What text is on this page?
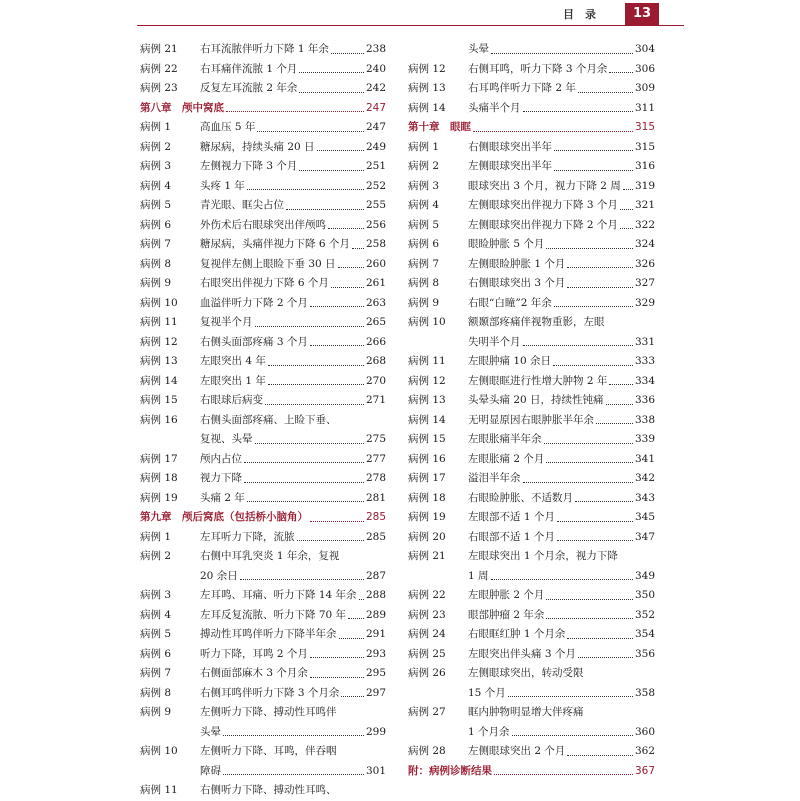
目录	13
病例 21	右耳流脓伴听力下降 1 年余	238
病例 22	右耳痛伴流脓 1 个月	240
病例 23	反复左耳流脓 2 年余	242
第八章　颅中窝底	247
病例 1	高血压 5 年	247
病例 2	糖尿病，持续头痛 20 日	249
病例 3	左侧视力下降 3 个月	251
病例 4	头疼 1 年	252
病例 5	青光眼、眶尖占位	255
病例 6	外伤术后右眼球突出伴颅鸣	256
病例 7	糖尿病，头痛伴视力下降 6 个月 258
病例 8	复视伴左侧上眼睑下垂 30 日	260
病例 9	右眼突出伴视力下降 6 个月	261
病例 10	血溢伴听力下降 2 个月	263
病例 11	复视半个月	265
病例 12	右侧头面部疼痛 3 个月	266
病例 13	左眼突出 4 年	268
病例 14	左眼突出 1 年	270
病例 15	右眼球后病变	271
病例 16	右侧头面部疼痛、上睑下垂、
复视、头晕	275
病例 17	颅内占位	277
病例 18	视力下降	278
病例 19	头痛 2 年	281
第九章　颅后窝底（包括桥小脑角）	285
病例 1	左耳听力下降，流脓	285
病例 2	右侧中耳乳突炎 1 年余，复视
20 余日	287
病例 3	左耳鸣、耳痛、听力下降 14 年余 288
病例 4	左耳反复流脓、听力下降 70 年 289
病例 5	搏动性耳鸣伴听力下降半年余	291
病例 6	听力下降，耳鸣 2 个月	293
病例 7	右侧面部麻木 3 个月余	295
病例 8	右侧耳鸣伴听力下降 3 个月余	297
病例 9	左侧听力下降、搏动性耳鸣伴
头晕	299
病例 10	左侧听力下降、耳鸣，伴吞咽
障碍	301
病例 11	右侧听力下降、搏动性耳鸣、
头晕	304
病例 12	右侧耳鸣，听力下降 3 个月余	306
病例 13	右耳鸣伴听力下降 2 年	309
病例 14	头痛半个月	311
第十章　眼眶	315
病例 1	右侧眼球突出半年	315
病例 2	左侧眼球突出半年	316
病例 3	眼球突出 3 个月，视力下降 2 周 319
病例 4	左侧眼球突出伴视力下降 3 个月 321
病例 5	左侧眼球突出伴视力下降 2 个月 322
病例 6	眼睑肿胀 5 个月	324
病例 7	左侧眼睑肿胀 1 个月	326
病例 8	右侧眼球突出 3 个月	327
病例 9	右眼“白瞳”2 年余	329
病例 10	额颞部疼痛伴视物重影，左眼
失明半个月	331
病例 11	左眼肿痛 10 余日	333
病例 12	左侧眼眶进行性增大肿物 2 年	334
病例 13	头晕头痛 20 日，持续性钝痛	336
病例 14	无明显原因右眼肿胀半年余	338
病例 15	左眼胀痛半年余	339
病例 16	左眼胀痛 2 个月	341
病例 17	溢泪半年余	342
病例 18	右眼睑肿胀、不适数月	343
病例 19	左眼部不适 1 个月	345
病例 20	右眼部不适 1 个月	347
病例 21	左眼球突出 1 个月余，视力下降
1 周	349
病例 22	左眼肿胀 2 个月	350
病例 23	眼部肿瘤 2 年余	352
病例 24	右眼眶红肿 1 个月余	354
病例 25	左眼突出伴头痛 3 个月	356
病例 26	左侧眼球突出，转动受限
15 个月	358
病例 27	眶内肿物明显增大伴疼痛
1 个月余	360
病例 28	左侧眼球突出 2 个月	362
附：病例诊断结果	367
